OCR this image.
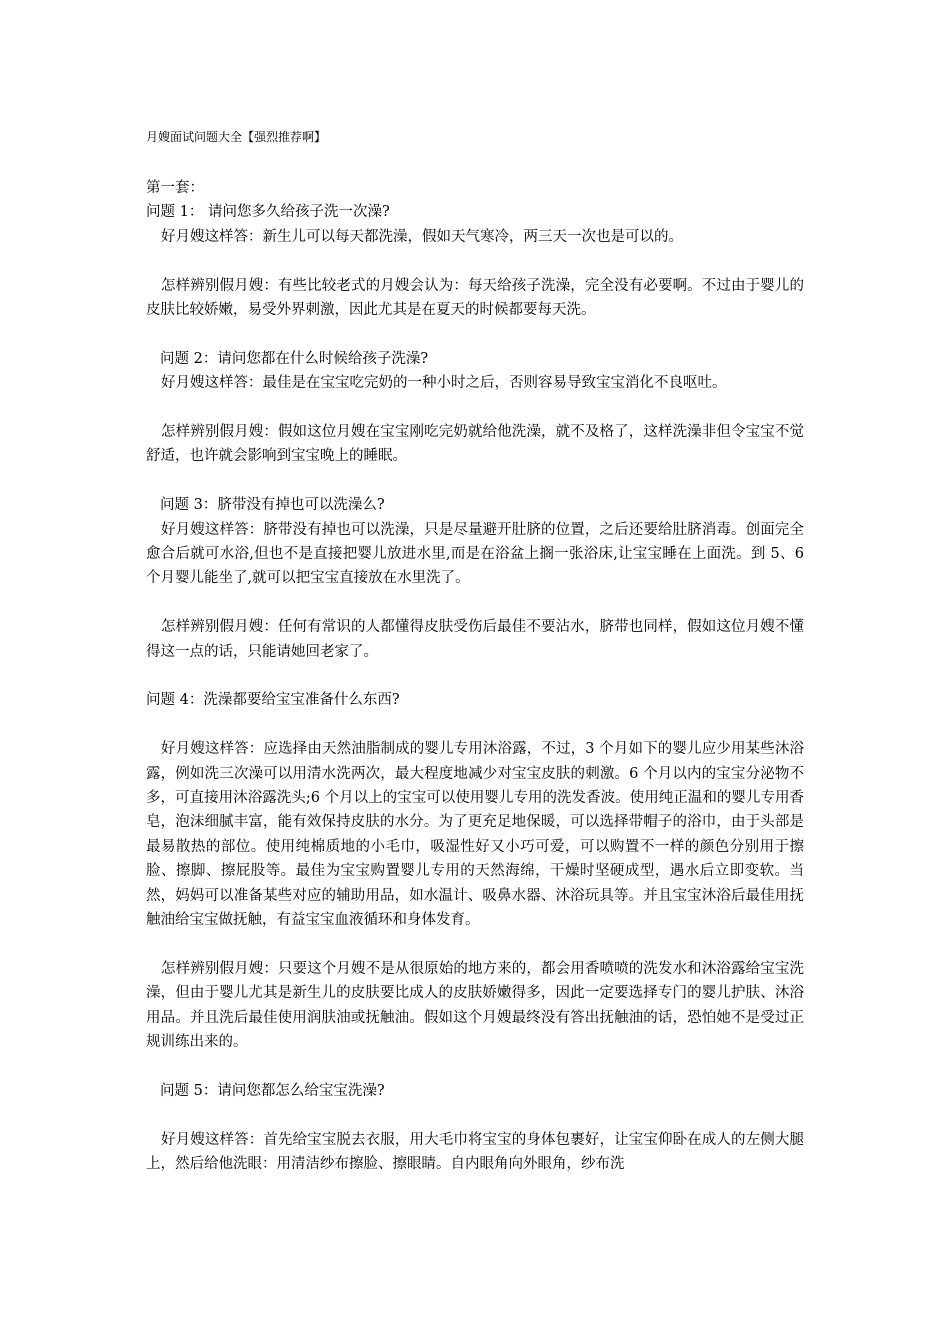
月嫂面试问题大全【强烈推荐啊】

第一套：

问题 1： 请问您多久给孩子洗一次澡?

好月嫂这样答：新生儿可以每天都洗澡，假如天气寒冷，两三天一次也是可以的。

怎样辨别假月嫂：有些比较老式的月嫂会认为：每天给孩子洗澡，完全没有必要啊。不过由于婴儿的皮肤比较娇嫩，易受外界刺激，因此尤其是在夏天的时候都要每天洗。

问题 2：请问您都在什么时候给孩子洗澡?

好月嫂这样答：最佳是在宝宝吃完奶的一种小时之后，否则容易导致宝宝消化不良呕吐。

怎样辨别假月嫂：假如这位月嫂在宝宝刚吃完奶就给他洗澡，就不及格了，这样洗澡非但令宝宝不觉舒适，也许就会影响到宝宝晚上的睡眠。

问题 3：脐带没有掉也可以洗澡么?

好月嫂这样答：脐带没有掉也可以洗澡，只是尽量避开肚脐的位置，之后还要给肚脐消毒。创面完全愈合后就可水浴,但也不是直接把婴儿放进水里,而是在浴盆上搁一张浴床,让宝宝睡在上面洗。到 5、6 个月婴儿能坐了,就可以把宝宝直接放在水里洗了。

怎样辨别假月嫂：任何有常识的人都懂得皮肤受伤后最佳不要沾水，脐带也同样，假如这位月嫂不懂得这一点的话，只能请她回老家了。

问题 4：洗澡都要给宝宝准备什么东西?

好月嫂这样答：应选择由天然油脂制成的婴儿专用沐浴露，不过，3 个月如下的婴儿应少用某些沐浴露，例如洗三次澡可以用清水洗两次，最大程度地减少对宝宝皮肤的刺激。6 个月以内的宝宝分泌物不多，可直接用沐浴露洗头;6 个月以上的宝宝可以使用婴儿专用的洗发香波。使用纯正温和的婴儿专用香皂，泡沫细腻丰富，能有效保持皮肤的水分。为了更充足地保暖，可以选择带帽子的浴巾，由于头部是最易散热的部位。使用纯棉质地的小毛巾，吸湿性好又小巧可爱，可以购置不一样的颜色分别用于擦脸、擦脚、擦屁股等。最佳为宝宝购置婴儿专用的天然海绵，干燥时坚硬成型，遇水后立即变软。当然，妈妈可以准备某些对应的辅助用品，如水温计、吸鼻水器、沐浴玩具等。并且宝宝沐浴后最佳用抚触油给宝宝做抚触，有益宝宝血液循环和身体发育。

怎样辨别假月嫂：只要这个月嫂不是从很原始的地方来的，都会用香喷喷的洗发水和沐浴露给宝宝洗澡，但由于婴儿尤其是新生儿的皮肤要比成人的皮肤娇嫩得多，因此一定要选择专门的婴儿护肤、沐浴用品。并且洗后最佳使用润肤油或抚触油。假如这个月嫂最终没有答出抚触油的话，恐怕她不是受过正规训练出来的。

问题 5：请问您都怎么给宝宝洗澡?

好月嫂这样答：首先给宝宝脱去衣服，用大毛巾将宝宝的身体包裹好，让宝宝仰卧在成人的左侧大腿上，然后给他洗眼：用清洁纱布擦脸、擦眼睛。自内眼角向外眼角，纱布洗
